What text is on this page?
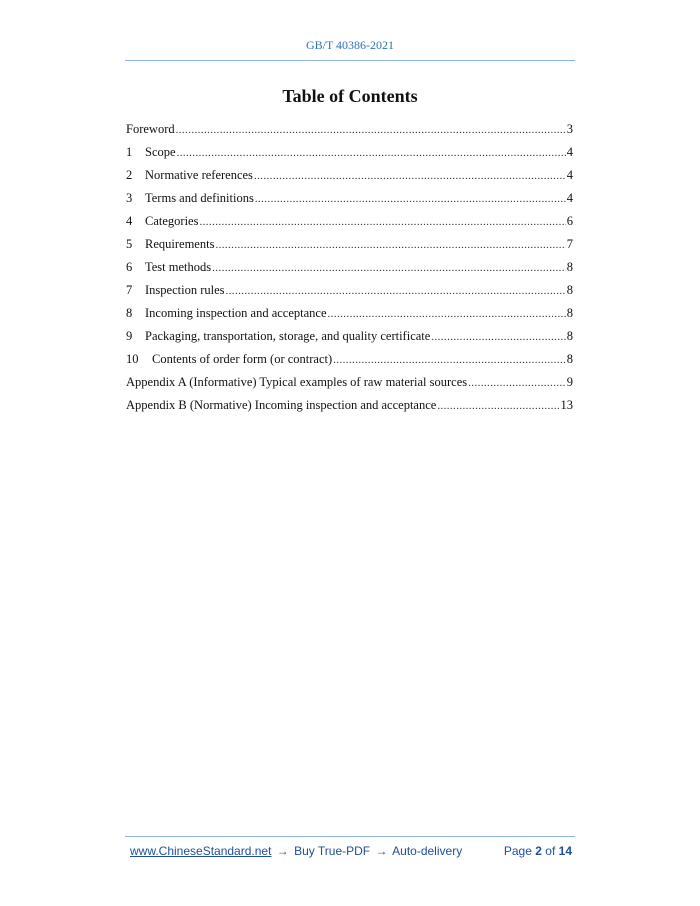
GB/T 40386-2021
Table of Contents
Foreword .....	3
1 Scope .....	4
2 Normative references .....	4
3 Terms and definitions .....	4
4 Categories .....	6
5 Requirements .....	7
6 Test methods .....	8
7 Inspection rules .....	8
8 Incoming inspection and acceptance .....	8
9 Packaging, transportation, storage, and quality certificate .....	8
10 Contents of order form (or contract) .....	8
Appendix A (Informative) Typical examples of raw material sources .....	9
Appendix B (Normative) Incoming inspection and acceptance .....	13
www.ChineseStandard.net → Buy True-PDF → Auto-delivery	Page 2 of 14
